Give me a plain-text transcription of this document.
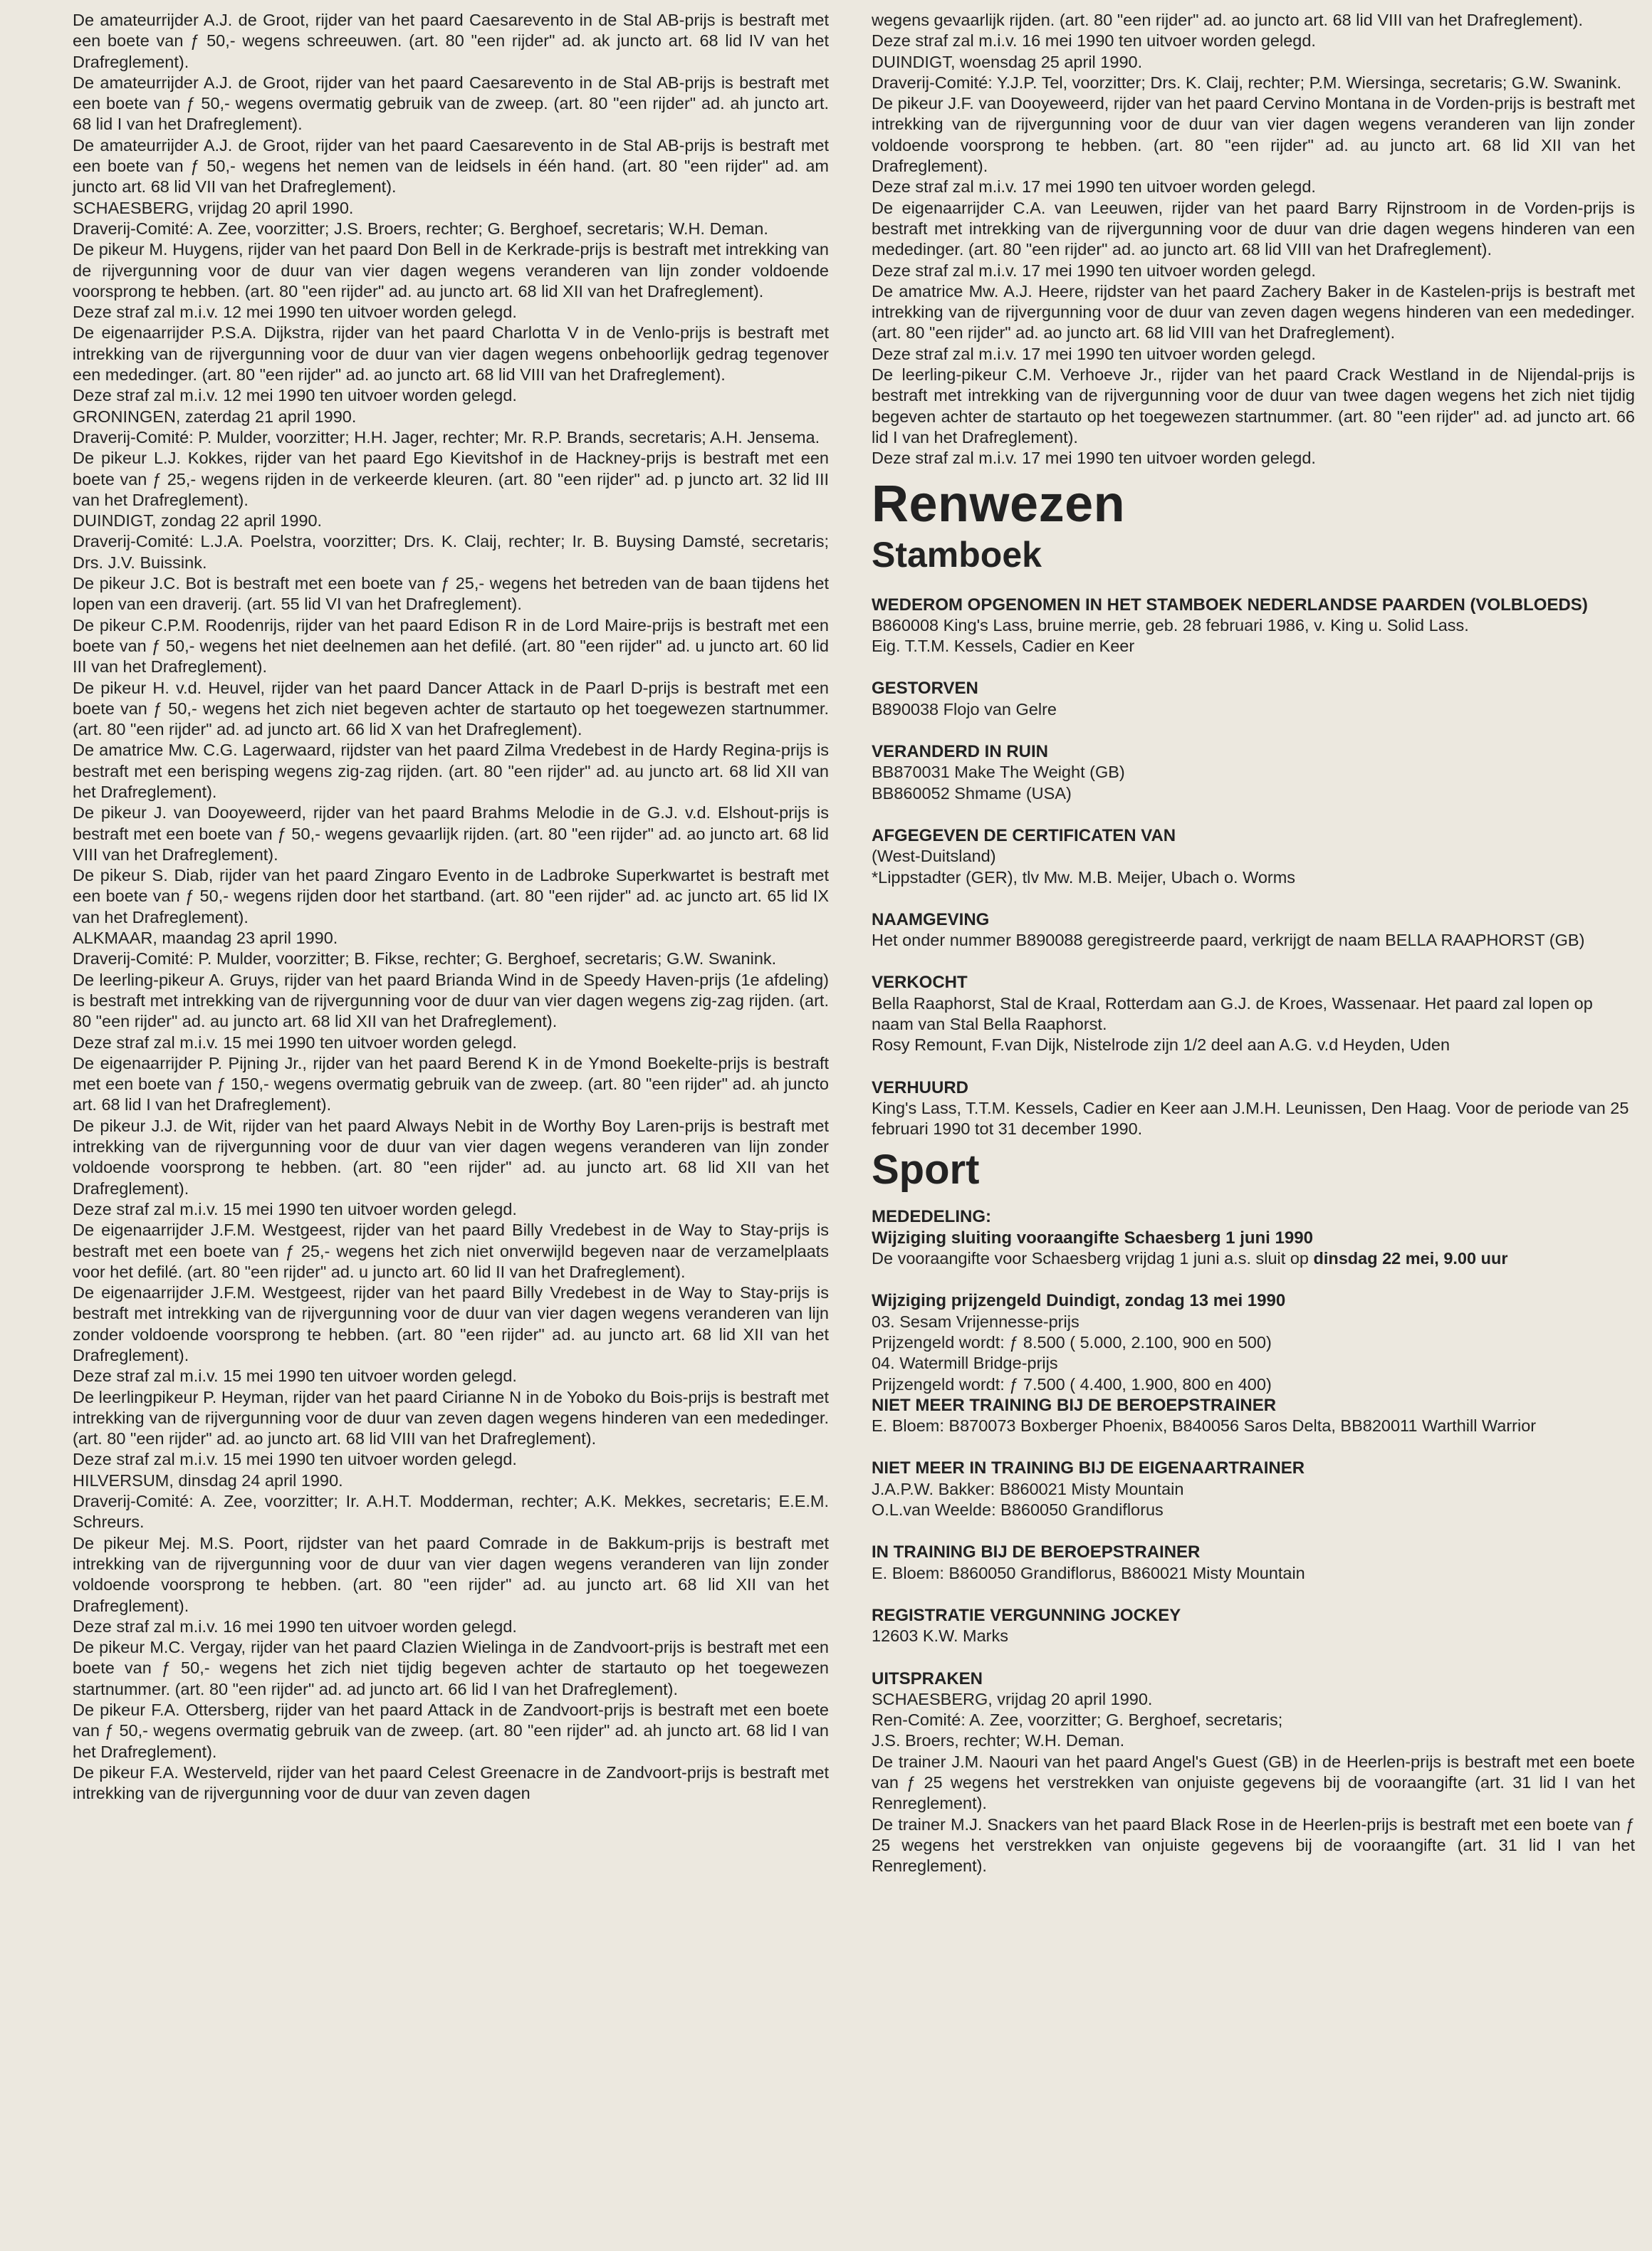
De amateurrijder A.J. de Groot, rijder van het paard Caesarevento in de Stal AB-prijs is bestraft met een boete van ƒ 50,- wegens schreeuwen. (art. 80 "een rijder" ad. ak juncto art. 68 lid IV van het Drafreglement).

De amateurrijder A.J. de Groot, rijder van het paard Caesarevento in de Stal AB-prijs is bestraft met een boete van ƒ 50,- wegens overmatig gebruik van de zweep. (art. 80 "een rijder" ad. ah juncto art. 68 lid I van het Drafreglement).

De amateurrijder A.J. de Groot, rijder van het paard Caesarevento in de Stal AB-prijs is bestraft met een boete van ƒ 50,- wegens het nemen van de leidsels in één hand. (art. 80 "een rijder" ad. am juncto art. 68 lid VII van het Drafreglement).

SCHAESBERG, vrijdag 20 april 1990.

Draverij-Comité: A. Zee, voorzitter; J.S. Broers, rechter; G. Berghoef, secretaris; W.H. Deman.

De pikeur M. Huygens, rijder van het paard Don Bell in de Kerkrade-prijs is bestraft met intrekking van de rijvergunning voor de duur van vier dagen wegens veranderen van lijn zonder voldoende voorsprong te hebben. (art. 80 "een rijder" ad. au juncto art. 68 lid XII van het Drafreglement).

Deze straf zal m.i.v. 12 mei 1990 ten uitvoer worden gelegd.

De eigenaarrijder P.S.A. Dijkstra, rijder van het paard Charlotta V in de Venlo-prijs is bestraft met intrekking van de rijvergunning voor de duur van vier dagen wegens onbehoorlijk gedrag tegenover een mededinger. (art. 80 "een rijder" ad. ao juncto art. 68 lid VIII van het Drafreglement).

Deze straf zal m.i.v. 12 mei 1990 ten uitvoer worden gelegd.

GRONINGEN, zaterdag 21 april 1990.

Draverij-Comité: P. Mulder, voorzitter; H.H. Jager, rechter; Mr. R.P. Brands, secretaris; A.H. Jensema.

De pikeur L.J. Kokkes, rijder van het paard Ego Kievitshof in de Hackney-prijs is bestraft met een boete van ƒ 25,- wegens rijden in de verkeerde kleuren. (art. 80 "een rijder" ad. p juncto art. 32 lid III van het Drafreglement).

DUINDIGT, zondag 22 april 1990.

Draverij-Comité: L.J.A. Poelstra, voorzitter; Drs. K. Claij, rechter; Ir. B. Buysing Damsté, secretaris; Drs. J.V. Buissink.

De pikeur J.C. Bot is bestraft met een boete van ƒ 25,- wegens het betreden van de baan tijdens het lopen van een draverij. (art. 55 lid VI van het Drafreglement).

De pikeur C.P.M. Roodenrijs, rijder van het paard Edison R in de Lord Maire-prijs is bestraft met een boete van ƒ 50,- wegens het niet deelnemen aan het defilé. (art. 80 "een rijder" ad. u juncto art. 60 lid III van het Drafreglement).

De pikeur H. v.d. Heuvel, rijder van het paard Dancer Attack in de Paarl D-prijs is bestraft met een boete van ƒ 50,- wegens het zich niet begeven achter de startauto op het toegewezen startnummer. (art. 80 "een rijder" ad. ad juncto art. 66 lid X van het Drafreglement).

De amatrice Mw. C.G. Lagerwaard, rijdster van het paard Zilma Vredebest in de Hardy Regina-prijs is bestraft met een berisping wegens zig-zag rijden. (art. 80 "een rijder" ad. au juncto art. 68 lid XII van het Drafreglement).

De pikeur J. van Dooyeweerd, rijder van het paard Brahms Melodie in de G.J. v.d. Elshout-prijs is bestraft met een boete van ƒ 50,- wegens gevaarlijk rijden. (art. 80 "een rijder" ad. ao juncto art. 68 lid VIII van het Drafreglement).

De pikeur S. Diab, rijder van het paard Zingaro Evento in de Ladbroke Superkwartet is bestraft met een boete van ƒ 50,- wegens rijden door het startband. (art. 80 "een rijder" ad. ac juncto art. 65 lid IX van het Drafreglement).

ALKMAAR, maandag 23 april 1990.

Draverij-Comité: P. Mulder, voorzitter; B. Fikse, rechter; G. Berghoef, secretaris; G.W. Swanink.

De leerling-pikeur A. Gruys, rijder van het paard Brianda Wind in de Speedy Haven-prijs (1e afdeling) is bestraft met intrekking van de rijvergunning voor de duur van vier dagen wegens zig-zag rijden. (art. 80 "een rijder" ad. au juncto art. 68 lid XII van het Drafreglement).

Deze straf zal m.i.v. 15 mei 1990 ten uitvoer worden gelegd.

De eigenaarrijder P. Pijning Jr., rijder van het paard Berend K in de Ymond Boekelte-prijs is bestraft met een boete van ƒ 150,- wegens overmatig gebruik van de zweep. (art. 80 "een rijder" ad. ah juncto art. 68 lid I van het Drafreglement).

De pikeur J.J. de Wit, rijder van het paard Always Nebit in de Worthy Boy Laren-prijs is bestraft met intrekking van de rijvergunning voor de duur van vier dagen wegens veranderen van lijn zonder voldoende voorsprong te hebben. (art. 80 "een rijder" ad. au juncto art. 68 lid XII van het Drafreglement).

Deze straf zal m.i.v. 15 mei 1990 ten uitvoer worden gelegd.

De eigenaarrijder J.F.M. Westgeest, rijder van het paard Billy Vredebest in de Way to Stay-prijs is bestraft met een boete van ƒ 25,- wegens het zich niet onverwijld begeven naar de verzamelplaats voor het defilé. (art. 80 "een rijder" ad. u juncto art. 60 lid II van het Drafreglement).

De eigenaarrijder J.F.M. Westgeest, rijder van het paard Billy Vredebest in de Way to Stay-prijs is bestraft met intrekking van de rijvergunning voor de duur van vier dagen wegens veranderen van lijn zonder voldoende voorsprong te hebben. (art. 80 "een rijder" ad. au juncto art. 68 lid XII van het Drafreglement).

Deze straf zal m.i.v. 15 mei 1990 ten uitvoer worden gelegd.

De leerlingpikeur P. Heyman, rijder van het paard Cirianne N in de Yoboko du Bois-prijs is bestraft met intrekking van de rijvergunning voor de duur van zeven dagen wegens hinderen van een mededinger. (art. 80 "een rijder" ad. ao juncto art. 68 lid VIII van het Drafreglement).

Deze straf zal m.i.v. 15 mei 1990 ten uitvoer worden gelegd.

HILVERSUM, dinsdag 24 april 1990.

Draverij-Comité: A. Zee, voorzitter; Ir. A.H.T. Modderman, rechter; A.K. Mekkes, secretaris; E.E.M. Schreurs.

De pikeur Mej. M.S. Poort, rijdster van het paard Comrade in de Bakkum-prijs is bestraft met intrekking van de rijvergunning voor de duur van vier dagen wegens veranderen van lijn zonder voldoende voorsprong te hebben. (art. 80 "een rijder" ad. au juncto art. 68 lid XII van het Drafreglement).

Deze straf zal m.i.v. 16 mei 1990 ten uitvoer worden gelegd.

De pikeur M.C. Vergay, rijder van het paard Clazien Wielinga in de Zandvoort-prijs is bestraft met een boete van ƒ 50,- wegens het zich niet tijdig begeven achter de startauto op het toegewezen startnummer. (art. 80 "een rijder" ad. ad juncto art. 66 lid I van het Drafreglement).

De pikeur F.A. Ottersberg, rijder van het paard Attack in de Zandvoort-prijs is bestraft met een boete van ƒ 50,- wegens overmatig gebruik van de zweep. (art. 80 "een rijder" ad. ah juncto art. 68 lid I van het Drafreglement).

De pikeur F.A. Westerveld, rijder van het paard Celest Greenacre in de Zandvoort-prijs is bestraft met intrekking van de rijvergunning voor de duur van zeven dagen

wegens gevaarlijk rijden. (art. 80 "een rijder" ad. ao juncto art. 68 lid VIII van het Drafreglement).

Deze straf zal m.i.v. 16 mei 1990 ten uitvoer worden gelegd.

DUINDIGT, woensdag 25 april 1990.

Draverij-Comité: Y.J.P. Tel, voorzitter; Drs. K. Claij, rechter; P.M. Wiersinga, secretaris; G.W. Swanink.

De pikeur J.F. van Dooyeweerd, rijder van het paard Cervino Montana in de Vorden-prijs is bestraft met intrekking van de rijvergunning voor de duur van vier dagen wegens veranderen van lijn zonder voldoende voorsprong te hebben. (art. 80 "een rijder" ad. au juncto art. 68 lid XII van het Drafreglement).

Deze straf zal m.i.v. 17 mei 1990 ten uitvoer worden gelegd.

De eigenaarrijder C.A. van Leeuwen, rijder van het paard Barry Rijnstroom in de Vorden-prijs is bestraft met intrekking van de rijvergunning voor de duur van drie dagen wegens hinderen van een mededinger. (art. 80 "een rijder" ad. ao juncto art. 68 lid VIII van het Drafreglement).

Deze straf zal m.i.v. 17 mei 1990 ten uitvoer worden gelegd.

De amatrice Mw. A.J. Heere, rijdster van het paard Zachery Baker in de Kastelen-prijs is bestraft met intrekking van de rijvergunning voor de duur van zeven dagen wegens hinderen van een mededinger. (art. 80 "een rijder" ad. ao juncto art. 68 lid VIII van het Drafreglement).

Deze straf zal m.i.v. 17 mei 1990 ten uitvoer worden gelegd.

De leerling-pikeur C.M. Verhoeve Jr., rijder van het paard Crack Westland in de Nijendal-prijs is bestraft met intrekking van de rijvergunning voor de duur van twee dagen wegens het zich niet tijdig begeven achter de startauto op het toegewezen startnummer. (art. 80 "een rijder" ad. ad juncto art. 66 lid I van het Drafreglement).

Deze straf zal m.i.v. 17 mei 1990 ten uitvoer worden gelegd.

Renwezen
Stamboek
WEDEROM OPGENOMEN IN HET STAMBOEK NEDERLANDSE PAARDEN (VOLBLOEDS)
B860008 King's Lass, bruine merrie, geb. 28 februari 1986, v. King u. Solid Lass.
Eig. T.T.M. Kessels, Cadier en Keer
GESTORVEN
B890038 Flojo van Gelre
VERANDERD IN RUIN
BB870031 Make The Weight (GB)
BB860052 Shmame (USA)
AFGEGEVEN DE CERTIFICATEN VAN
(West-Duitsland)
*Lippstadter (GER), tlv Mw. M.B. Meijer, Ubach o. Worms
NAAMGEVING
Het onder nummer B890088 geregistreerde paard, verkrijgt de naam BELLA RAAPHORST (GB)
VERKOCHT
Bella Raaphorst, Stal de Kraal, Rotterdam aan G.J. de Kroes, Wassenaar. Het paard zal lopen op naam van Stal Bella Raaphorst.
Rosy Remount, F.van Dijk, Nistelrode zijn 1/2 deel aan A.G. v.d Heyden, Uden
VERHUURD
King's Lass, T.T.M. Kessels, Cadier en Keer aan J.M.H. Leunissen, Den Haag. Voor de periode van 25 februari 1990 tot 31 december 1990.
Sport
MEDEDELING:
Wijziging sluiting vooraangifte Schaesberg 1 juni 1990
De vooraangifte voor Schaesberg vrijdag 1 juni a.s. sluit op dinsdag 22 mei, 9.00 uur
Wijziging prijzengeld Duindigt, zondag 13 mei 1990
03. Sesam Vrijennesse-prijs
Prijzengeld wordt: ƒ 8.500 ( 5.000, 2.100, 900 en 500)
04. Watermill Bridge-prijs
Prijzengeld wordt: ƒ 7.500 ( 4.400, 1.900, 800 en 400)
NIET MEER TRAINING BIJ DE BEROEPSTRAINER
E. Bloem: B870073 Boxberger Phoenix, B840056 Saros Delta, BB820011 Warthill Warrior
NIET MEER IN TRAINING BIJ DE EIGENAARTRAINER
J.A.P.W. Bakker: B860021 Misty Mountain
O.L.van Weelde: B860050 Grandiflorus
IN TRAINING BIJ DE BEROEPSTRAINER
E. Bloem: B860050 Grandiflorus, B860021 Misty Mountain
REGISTRATIE VERGUNNING JOCKEY
12603 K.W. Marks
UITSPRAKEN
SCHAESBERG, vrijdag 20 april 1990.
Ren-Comité: A. Zee, voorzitter; G. Berghoef, secretaris;
J.S. Broers, rechter; W.H. Deman.
De trainer J.M. Naouri van het paard Angel's Guest (GB) in de Heerlen-prijs is bestraft met een boete van ƒ 25 wegens het verstrekken van onjuiste gegevens bij de vooraangifte (art. 31 lid I van het Renreglement).
De trainer M.J. Snackers van het paard Black Rose in de Heerlen-prijs is bestraft met een boete van ƒ 25 wegens het verstrekken van onjuiste gegevens bij de vooraangifte (art. 31 lid I van het Renreglement).
